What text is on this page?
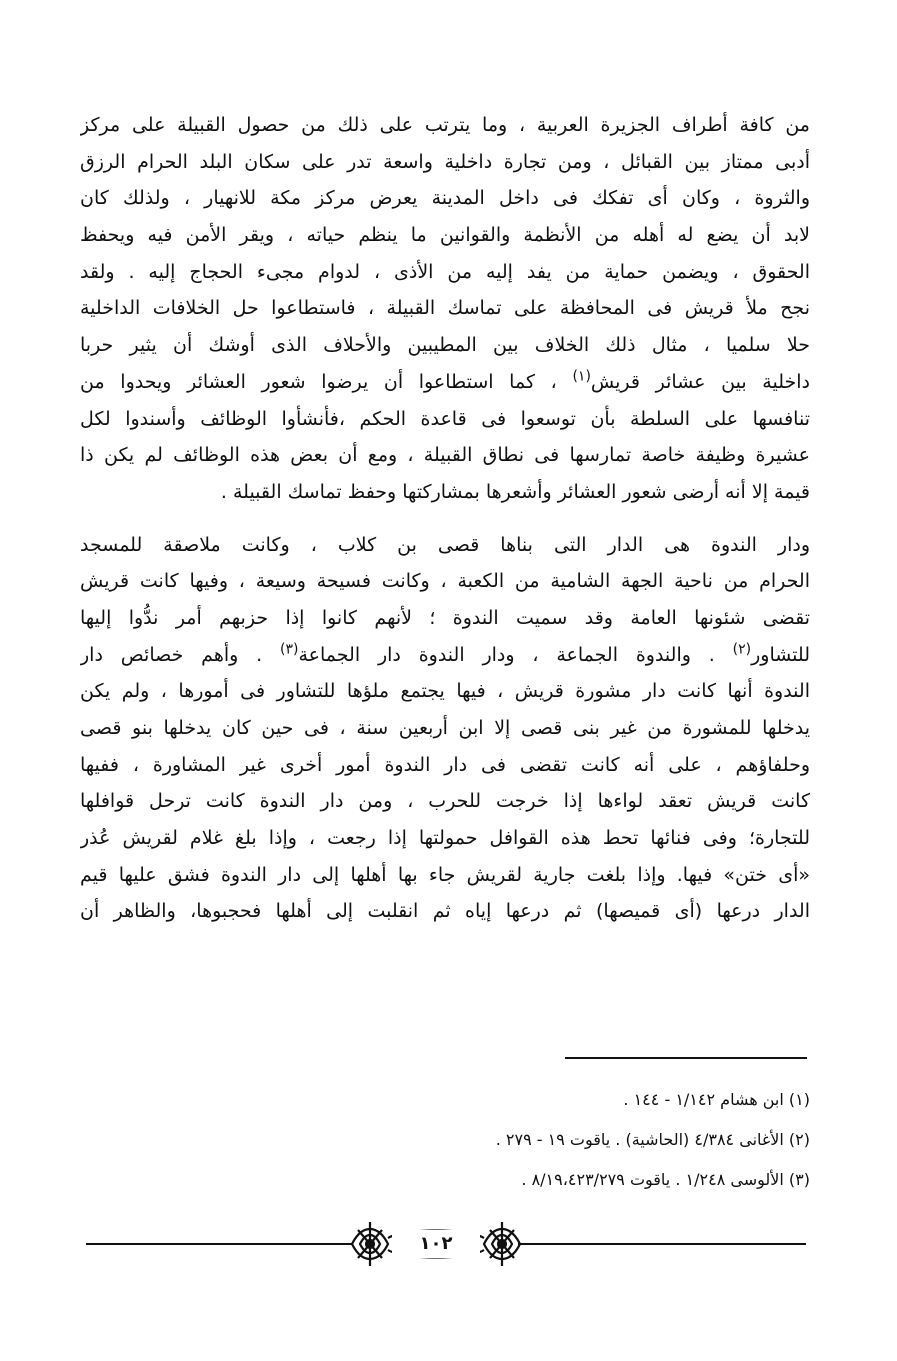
من كافة أطراف الجزيرة العربية ، وما يترتب على ذلك من حصول القبيلة على مركز
أدبى ممتاز بين القبائل ، ومن تجارة داخلية واسعة تدر على سكان البلد الحرام الرزق
والثروة ، وكان أى تفكك فى داخل المدينة يعرض مركز مكة للانهيار ، ولذلك كان
لابد أن يضع له أهله من الأنظمة والقوانين ما ينظم حياته ، ويقر الأمن فيه ويحفظ
الحقوق ، ويضمن حماية من يفد إليه من الأذى ، لدوام مجىء الحجاج إليه . ولقد
نجح ملأ قريش فى المحافظة على تماسك القبيلة ، فاستطاعوا حل الخلافات الداخلية
حلا سلميا ، مثال ذلك الخلاف بين المطيبين والأحلاف الذى أوشك أن يثير حربا
داخلية بين عشائر قريش$^{(١)}$ ، كما استطاعوا أن يرضوا شعور العشائر ويحدوا من
تنافسها على السلطة بأن توسعوا فى قاعدة الحكم ،فأنشأوا الوظائف وأسندوا لكل
عشيرة وظيفة خاصة تمارسها فى نطاق القبيلة ، ومع أن بعض هذه الوظائف لم يكن ذا
قيمة إلا أنه أرضى شعور العشائر وأشعرها بمشاركتها وحفظ تماسك القبيلة .
ودار الندوة هى الدار التى بناها قصى بن كلاب ، وكانت ملاصقة للمسجد
الحرام من ناحية الجهة الشامية من الكعبة ، وكانت فسيحة وسيعة ، وفيها كانت قريش
تقضى شئونها العامة وقد سميت الندوة ؛ لأنهم كانوا إذا حزبهم أمر ندُّوا إليها
للتشاور$^{(٢)}$ . والندوة الجماعة ، ودار الندوة دار الجماعة$^{(٣)}$ . وأهم خصائص دار
الندوة أنها كانت دار مشورة قريش ، فيها يجتمع ملؤها للتشاور فى أمورها ، ولم يكن
يدخلها للمشورة من غير بنى قصى إلا ابن أربعين سنة ، فى حين كان يدخلها بنو قصى
وحلفاؤهم ، على أنه كانت تقضى فى دار الندوة أمور أخرى غير المشاورة ، ففيها
كانت قريش تعقد لواءها إذا خرجت للحرب ، ومن دار الندوة كانت ترحل قوافلها
للتجارة؛ وفى فنائها تحط هذه القوافل حمولتها إذا رجعت ، وإذا بلغ غلام لقريش عُذر
«أى ختن» فيها. وإذا بلغت جارية لقريش جاء بها أهلها إلى دار الندوة فشق عليها قيم
الدار درعها (أى قميصها) ثم درعها إياه ثم انقلبت إلى أهلها فحجبوها، والظاهر أن
(١) ابن هشام ١/١٤٢ - ١٤٤ .
(٢) الأغانى ٤/٣٨٤ (الحاشية) . ياقوت ١٩ - ٢٧٩ .
(٣) الألوسى ١/٢٤٨ . ياقوت ٨/١٩،٤٢٣/٢٧٩ .
١٠٢
